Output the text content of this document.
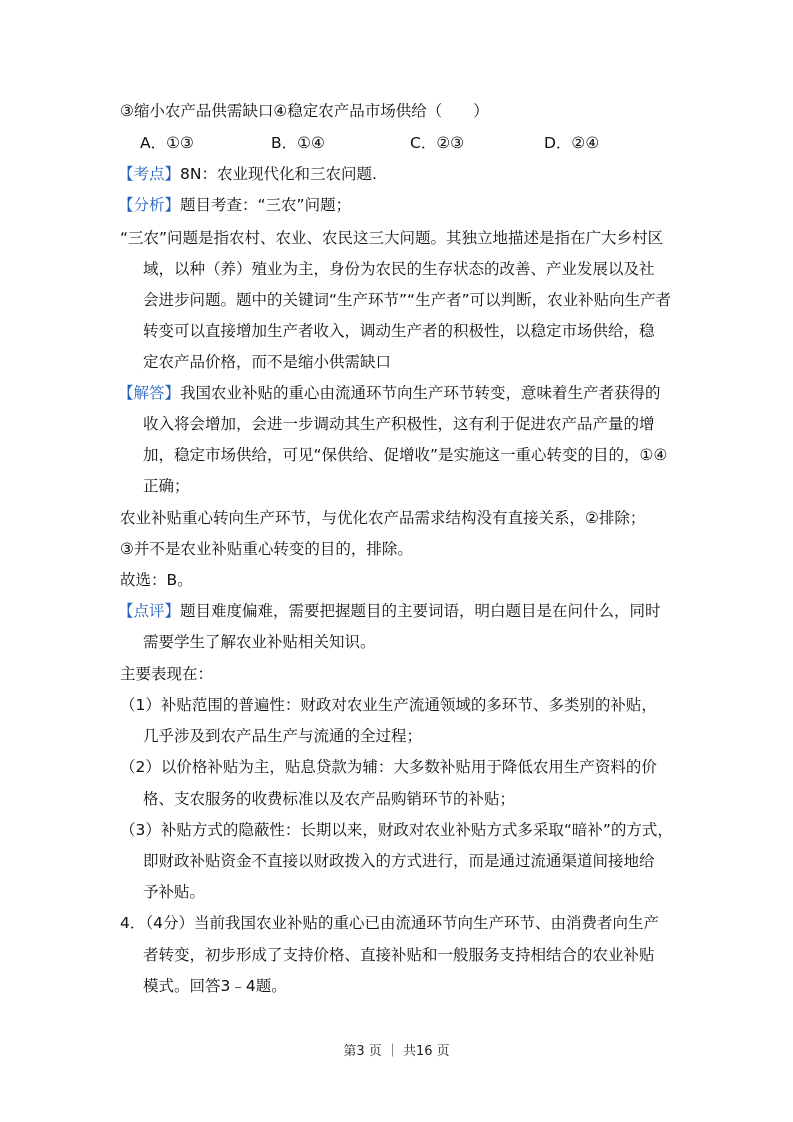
③缩小农产品供需缺口④稳定农产品市场供给（　　）
A．①③	B．①④	C．②③	D．②④
【考点】8N：农业现代化和三农问题.
【分析】题目考查：“三农”问题；
“三农”问题是指农村、农业、农民这三大问题。其独立地描述是指在广大乡村区
域，以种（养）殖业为主，身份为农民的生存状态的改善、产业发展以及社
会进步问题。题中的关键词“生产环节”“生产者”可以判断，农业补贴向生产者
转变可以直接增加生产者收入，调动生产者的积极性，以稳定市场供给，稳
定农产品价格，而不是缩小供需缺口
【解答】我国农业补贴的重心由流通环节向生产环节转变，意味着生产者获得的
收入将会增加，会进一步调动其生产积极性，这有利于促进农产品产量的增
加，稳定市场供给，可见“保供给、促增收”是实施这一重心转变的目的，①④
正确；
农业补贴重心转向生产环节，与优化农产品需求结构没有直接关系，②排除；
③并不是农业补贴重心转变的目的，排除。
故选：B。
【点评】题目难度偏难，需要把握题目的主要词语，明白题目是在问什么，同时
需要学生了解农业补贴相关知识。
主要表现在：
（1）补贴范围的普遍性：财政对农业生产流通领域的多环节、多类别的补贴，
几乎涉及到农产品生产与流通的全过程；
（2）以价格补贴为主，贴息贷款为辅：大多数补贴用于降低农用生产资料的价
格、支农服务的收费标准以及农产品购销环节的补贴；
（3）补贴方式的隐蔽性：长期以来，财政对农业补贴方式多采取“暗补”的方式，
即财政补贴资金不直接以财政拨入的方式进行，而是通过流通渠道间接地给
予补贴。
4．（4分）当前我国农业补贴的重心已由流通环节向生产环节、由消费者向生产
者转变，初步形成了支持价格、直接补贴和一般服务支持相结合的农业补贴
模式。回答3﹣4题。
第3 页 ｜ 共16 页
